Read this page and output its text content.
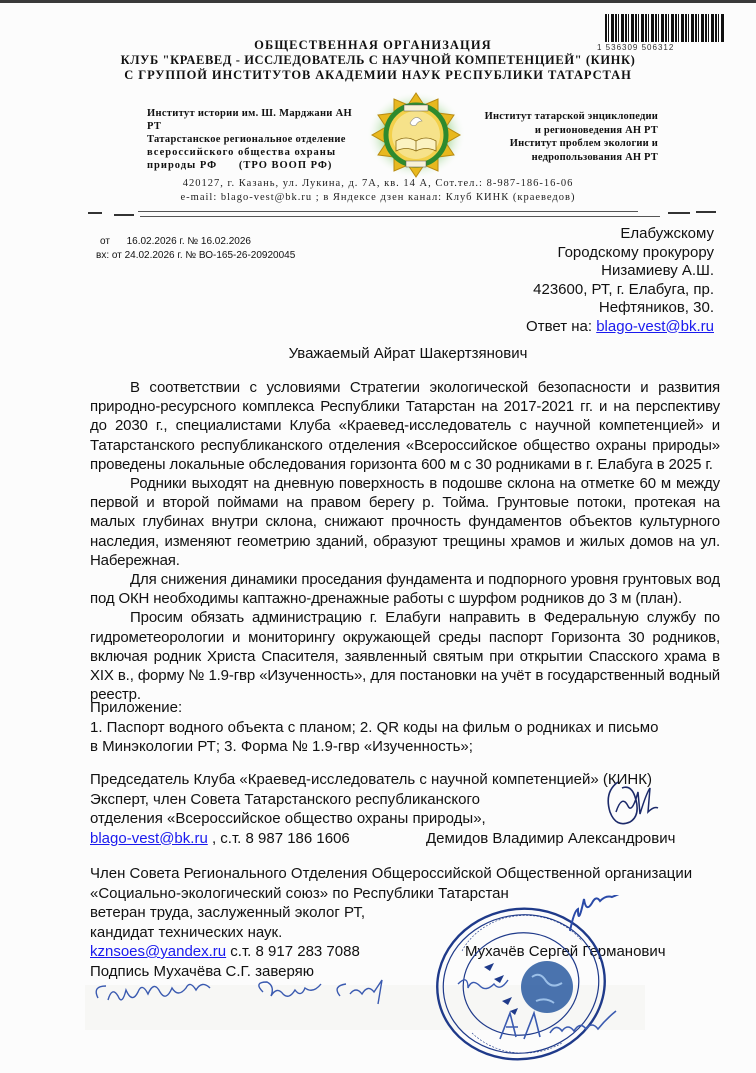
1 536309 506312
ОБЩЕСТВЕННАЯ ОРГАНИЗАЦИЯ
КЛУБ "КРАЕВЕД - ИССЛЕДОВАТЕЛЬ С НАУЧНОЙ КОМПЕТЕНЦИЕЙ" (КИНК)
С ГРУППОЙ ИНСТИТУТОВ АКАДЕМИИ НАУК РЕСПУБЛИКИ ТАТАРСТАН
Институт истории им. Ш. Марджани АН РТ
Татарстанское региональное отделение
всероссийского общества охраны
природы РФ      (ТРО ВООП РФ)
Институт татарской энциклопедии
и регионоведения АН РТ
Институт проблем экологии и
недропользования АН РТ
420127, г. Казань, ул. Лукина, д. 7А, кв. 14 А, Сот.тел.: 8-987-186-16-06
e-mail: blago-vest@bk.ru ; в Яндексе дзен канал: Клуб КИНК (краеведов)
от      16.02.2026 г. № 16.02.2026
вх: от 24.02.2026 г. № ВО-165-26-20920045
Елабужскому
Городскому прокурору
Низамиеву А.Ш.
423600, РТ, г. Елабуга, пр.
Нефтяников, 30.
Ответ на: blago-vest@bk.ru
Уважаемый Айрат Шакертзянович

В соответствии с условиями Стратегии экологической безопасности и развития природно-ресурсного комплекса Республики Татарстан на 2017-2021 гг. и на перспективу до 2030 г., специалистами Клуба «Краевед-исследователь с научной компетенцией» и Татарстанского республиканского отделения «Всероссийское общество охраны природы» проведены локальные обследования горизонта 600 м с 30 родниками в г. Елабуга в 2025 г.

Родники выходят на дневную поверхность в подошве склона на отметке 60 м между первой и второй поймами на правом берегу р. Тойма. Грунтовые потоки, протекая на малых глубинах внутри склона, снижают прочность фундаментов объектов культурного наследия, изменяют геометрию зданий, образуют трещины храмов и жилых домов на ул. Набережная.

Для снижения динамики проседания фундамента и подпорного уровня грунтовых вод под ОКН необходимы каптажно-дренажные работы с шурфом родников до 3 м (план).

Просим обязать администрацию г. Елабуги направить в Федеральную службу по гидрометеорологии и мониторингу окружающей среды паспорт Горизонта 30 родников, включая родник Христа Спасителя, заявленный святым при открытии Спасского храма в XIX в., форму № 1.9-гвр «Изученность», для постановки на учёт в государственный водный реестр.

Приложение:
1. Паспорт водного объекта с планом; 2. QR коды на фильм о родниках и письмо
в Минэкологии РТ; 3. Форма № 1.9-гвр «Изученность»;
Председатель Клуба «Краевед-исследователь с научной компетенцией» (КИНК)
Эксперт, член Совета Татарстанского республиканского
отделения «Всероссийское общество охраны природы»,
blago-vest@bk.ru , с.т. 8 987 186 1606	Демидов Владимир Александрович
Член Совета Регионального Отделения Общероссийской Общественной организации
«Социально-экологический союз» по Республики Татарстан
ветеран труда, заслуженный эколог РТ,
кандидат технических наук.
kznsoes@yandex.ru с.т. 8 917 283 7088
Подпись Мухачёва С.Г. заверяю
Мухачёв Сергей Германович
